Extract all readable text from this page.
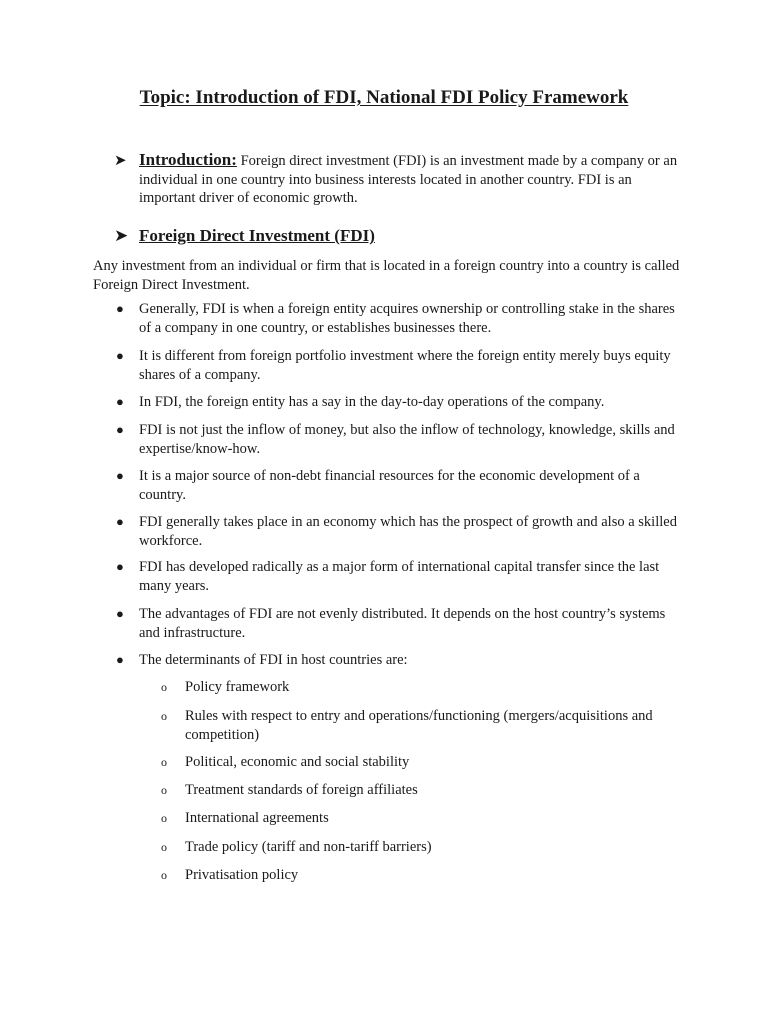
Topic: Introduction of FDI, National FDI Policy Framework
➤ Introduction: Foreign direct investment (FDI) is an investment made by a company or an individual in one country into business interests located in another country. FDI is an important driver of economic growth.
➤ Foreign Direct Investment (FDI)
Any investment from an individual or firm that is located in a foreign country into a country is called Foreign Direct Investment.
● Generally, FDI is when a foreign entity acquires ownership or controlling stake in the shares of a company in one country, or establishes businesses there.
● It is different from foreign portfolio investment where the foreign entity merely buys equity shares of a company.
● In FDI, the foreign entity has a say in the day-to-day operations of the company.
● FDI is not just the inflow of money, but also the inflow of technology, knowledge, skills and expertise/know-how.
● It is a major source of non-debt financial resources for the economic development of a country.
● FDI generally takes place in an economy which has the prospect of growth and also a skilled workforce.
● FDI has developed radically as a major form of international capital transfer since the last many years.
● The advantages of FDI are not evenly distributed. It depends on the host country’s systems and infrastructure.
● The determinants of FDI in host countries are:
o Policy framework
o Rules with respect to entry and operations/functioning (mergers/acquisitions and competition)
o Political, economic and social stability
o Treatment standards of foreign affiliates
o International agreements
o Trade policy (tariff and non-tariff barriers)
o Privatisation policy
